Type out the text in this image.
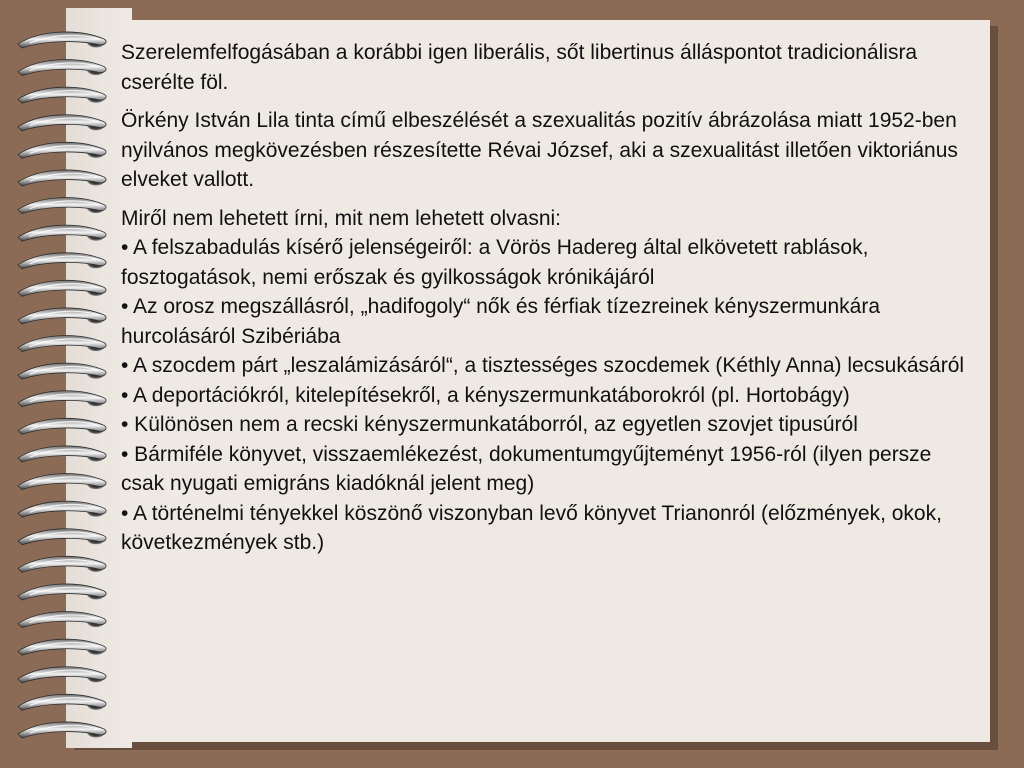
Szerelemfelfogásában a korábbi igen liberális, sőt libertinus álláspontot tradicionálisra cserélte föl.

Örkény István Lila tinta című elbeszélését a szexualitás pozitív ábrázolása miatt 1952-ben nyilvános megkövezésben részesítette Révai József, aki a szexualitást illetően viktoriánus elveket vallott.

Miről nem lehetett írni, mit nem lehetett olvasni:
• A felszabadulás kísérő jelenségeiről: a Vörös Hadereg által elkövetett rablások, fosztogatások, nemi erőszak és gyilkosságok krónikájáról
• Az orosz megszállásról, „hadifogoly“ nők és férfiak tízezreinek kényszermunkára hurcolásáról Szibériába
• A szocdem párt „leszalámizásáról“, a tisztességes szocdemek (Kéthly Anna) lecsukásáról
• A deportációkról, kitelepítésekről, a kényszermunkatáborokról (pl. Hortobágy)
• Különösen nem a recski kényszermunkatáborról, az egyetlen szovjet tipusúról
• Bármiféle könyvet, visszaemlékezést, dokumentumgyűjteményt 1956-ról (ilyen persze csak nyugati emigráns kiadóknál jelent meg)
• A történelmi tényekkel köszönő viszonyban levő könyvet Trianonról (előzmények, okok, következmények stb.)
